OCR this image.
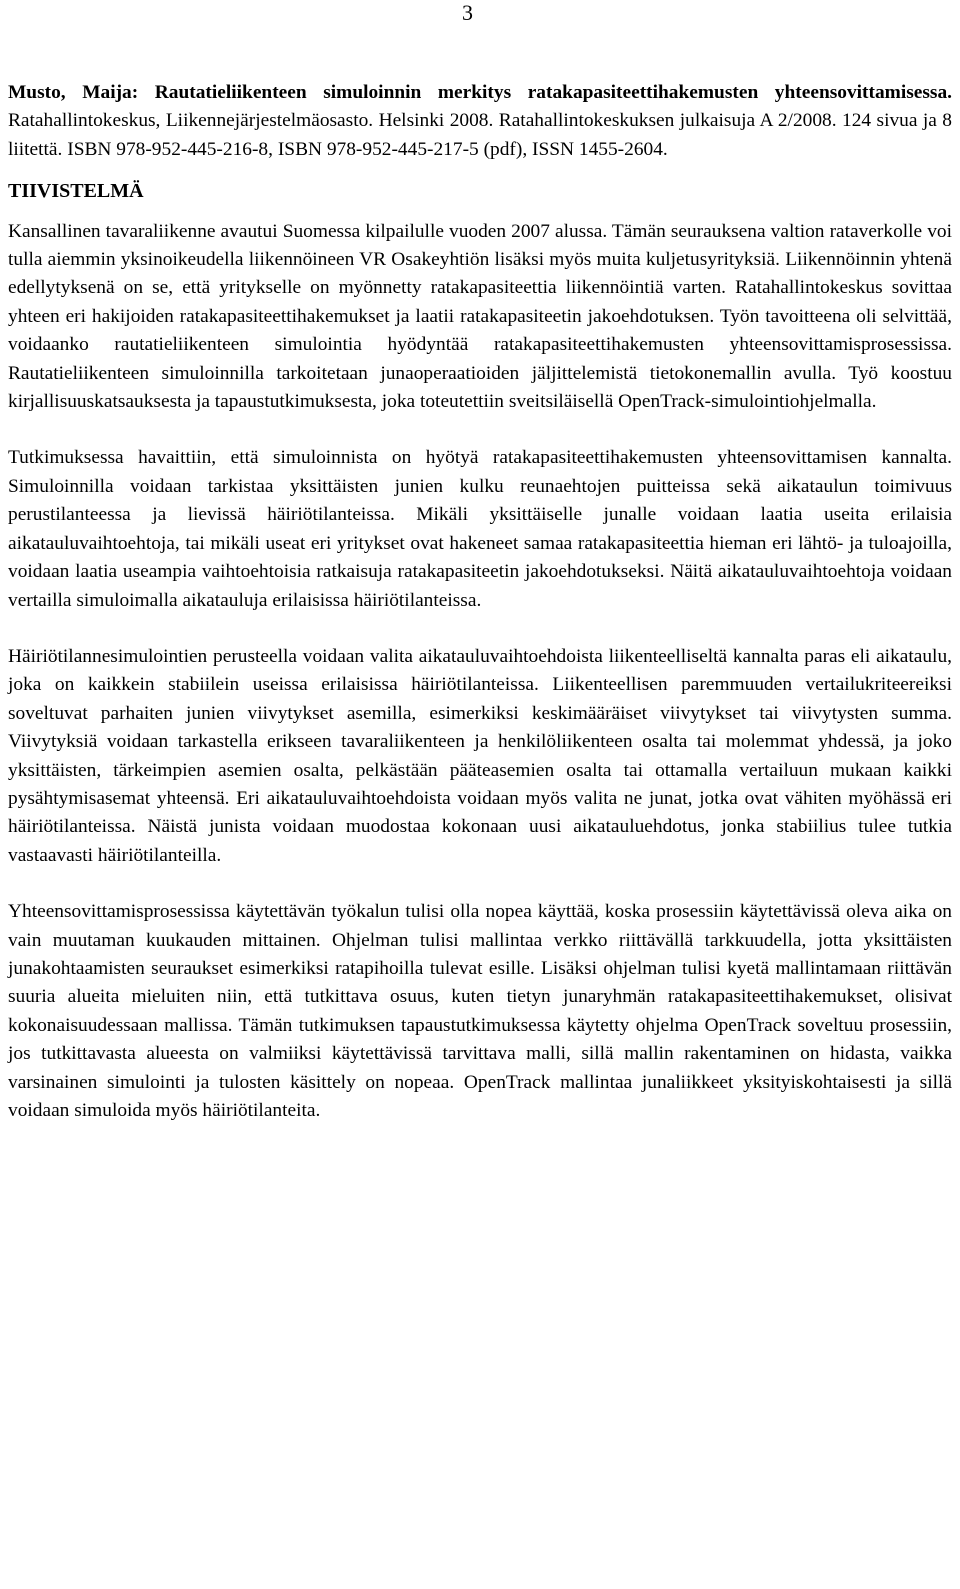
3

Musto, Maija: Rautatieliikenteen simuloinnin merkitys ratakapasiteettihakemusten yhteensovittamisessa. Ratahallintokeskus, Liikennejärjestelmäosasto. Helsinki 2008. Ratahallintokeskuksen julkaisuja A 2/2008. 124 sivua ja 8 liitettä. ISBN 978-952-445-216-8, ISBN 978-952-445-217-5 (pdf), ISSN 1455-2604.

TIIVISTELMÄ

Kansallinen tavaraliikenne avautui Suomessa kilpailulle vuoden 2007 alussa. Tämän seurauksena valtion rataverkolle voi tulla aiemmin yksinoikeudella liikennöineen VR Osakeyhtiön lisäksi myös muita kuljetusyrityksiä. Liikennöinnin yhtenä edellytyksenä on se, että yritykselle on myönnetty ratakapasiteettia liikennöintiä varten. Ratahallintokeskus sovittaa yhteen eri hakijoiden ratakapasiteettihakemukset ja laatii ratakapasiteetin jakoehdotuksen. Työn tavoitteena oli selvittää, voidaanko rautatieliikenteen simulointia hyödyntää ratakapasiteettihakemusten yhteensovittamisprosessissa. Rautatieliikenteen simuloinnilla tarkoitetaan junaoperaatioiden jäljittelemistä tietokonemallin avulla. Työ koostuu kirjallisuuskatsauksesta ja tapaustutkimuksesta, joka toteutettiin sveitsiläisellä OpenTrack-simulointiohjelmalla.

Tutkimuksessa havaittiin, että simuloinnista on hyötyä ratakapasiteettihakemusten yhteensovittamisen kannalta. Simuloinnilla voidaan tarkistaa yksittäisten junien kulku reunaehtojen puitteissa sekä aikataulun toimivuus perustilanteessa ja lievissä häiriötilanteissa. Mikäli yksittäiselle junalle voidaan laatia useita erilaisia aikatauluvaihtoehtoja, tai mikäli useat eri yritykset ovat hakeneet samaa ratakapasiteettia hieman eri lähtö- ja tuloajoilla, voidaan laatia useampia vaihtoehtoisia ratkaisuja ratakapasiteetin jakoehdotukseksi. Näitä aikatauluvaihtoehtoja voidaan vertailla simuloimalla aikatauluja erilaisissa häiriötilanteissa.

Häiriötilannesimulointien perusteella voidaan valita aikatauluvaihtoehdoista liikenteelliseltä kannalta paras eli aikataulu, joka on kaikkein stabiilein useissa erilaisissa häiriötilanteissa. Liikenteellisen paremmuuden vertailukriteereiksi soveltuvat parhaiten junien viivytykset asemilla, esimerkiksi keskimääräiset viivytykset tai viivytysten summa. Viivytyksiä voidaan tarkastella erikseen tavaraliikenteen ja henkilöliikenteen osalta tai molemmat yhdessä, ja joko yksittäisten, tärkeimpien asemien osalta, pelkästään pääteasemien osalta tai ottamalla vertailuun mukaan kaikki pysähtymisasemat yhteensä. Eri aikatauluvaihtoehdoista voidaan myös valita ne junat, jotka ovat vähiten myöhässä eri häiriötilanteissa. Näistä junista voidaan muodostaa kokonaan uusi aikatauluehdotus, jonka stabiilius tulee tutkia vastaavasti häiriötilanteilla.

Yhteensovittamisprosessissa käytettävän työkalun tulisi olla nopea käyttää, koska prosessiin käytettävissä oleva aika on vain muutaman kuukauden mittainen. Ohjelman tulisi mallintaa verkko riittävällä tarkkuudella, jotta yksittäisten junakohtaamisten seuraukset esimerkiksi ratapihoilla tulevat esille. Lisäksi ohjelman tulisi kyetä mallintamaan riittävän suuria alueita mieluiten niin, että tutkittava osuus, kuten tietyn junaryhmän ratakapasiteettihakemukset, olisivat kokonaisuudessaan mallissa. Tämän tutkimuksen tapaustutkimuksessa käytetty ohjelma OpenTrack soveltuu prosessiin, jos tutkittavasta alueesta on valmiiksi käytettävissä tarvittava malli, sillä mallin rakentaminen on hidasta, vaikka varsinainen simulointi ja tulosten käsittely on nopeaa. OpenTrack mallintaa junaliikkeet yksityiskohtaisesti ja sillä voidaan simuloida myös häiriötilanteita.
